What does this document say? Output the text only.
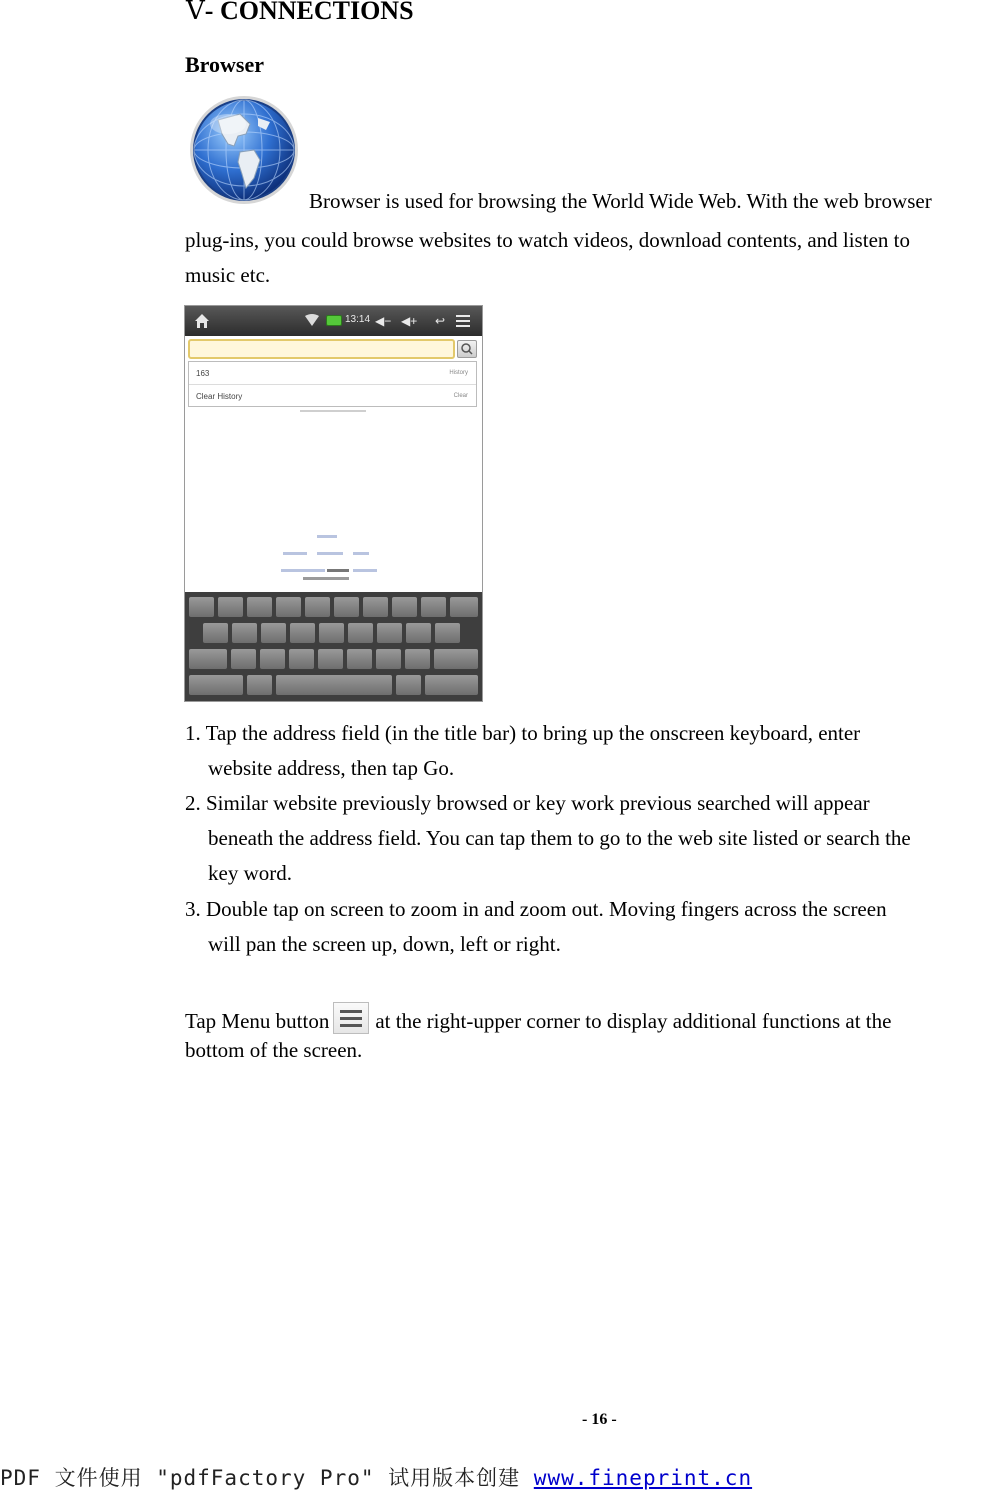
Ⅴ- CONNECTIONS
Browser
Browser is used for browsing the World Wide Web. With the web browser
plug-ins, you could browse websites to watch videos, download contents, and listen to
music etc.
13:14 ◀− ◀+ ↩
163	History
Clear History	Clear
1. Tap the address field (in the title bar) to bring up the onscreen keyboard, enter
website address, then tap Go.
2. Similar website previously browsed or key work previous searched will appear
beneath the address field. You can tap them to go to the web site listed or search the
key word.
3. Double tap on screen to zoom in and zoom out. Moving fingers across the screen
will pan the screen up, down, left or right.
Tap Menu button at the right-upper corner to display additional functions at the
bottom of the screen.
- 16 -
PDF 文件使用 "pdfFactory Pro" 试用版本创建 www.fineprint.cn
